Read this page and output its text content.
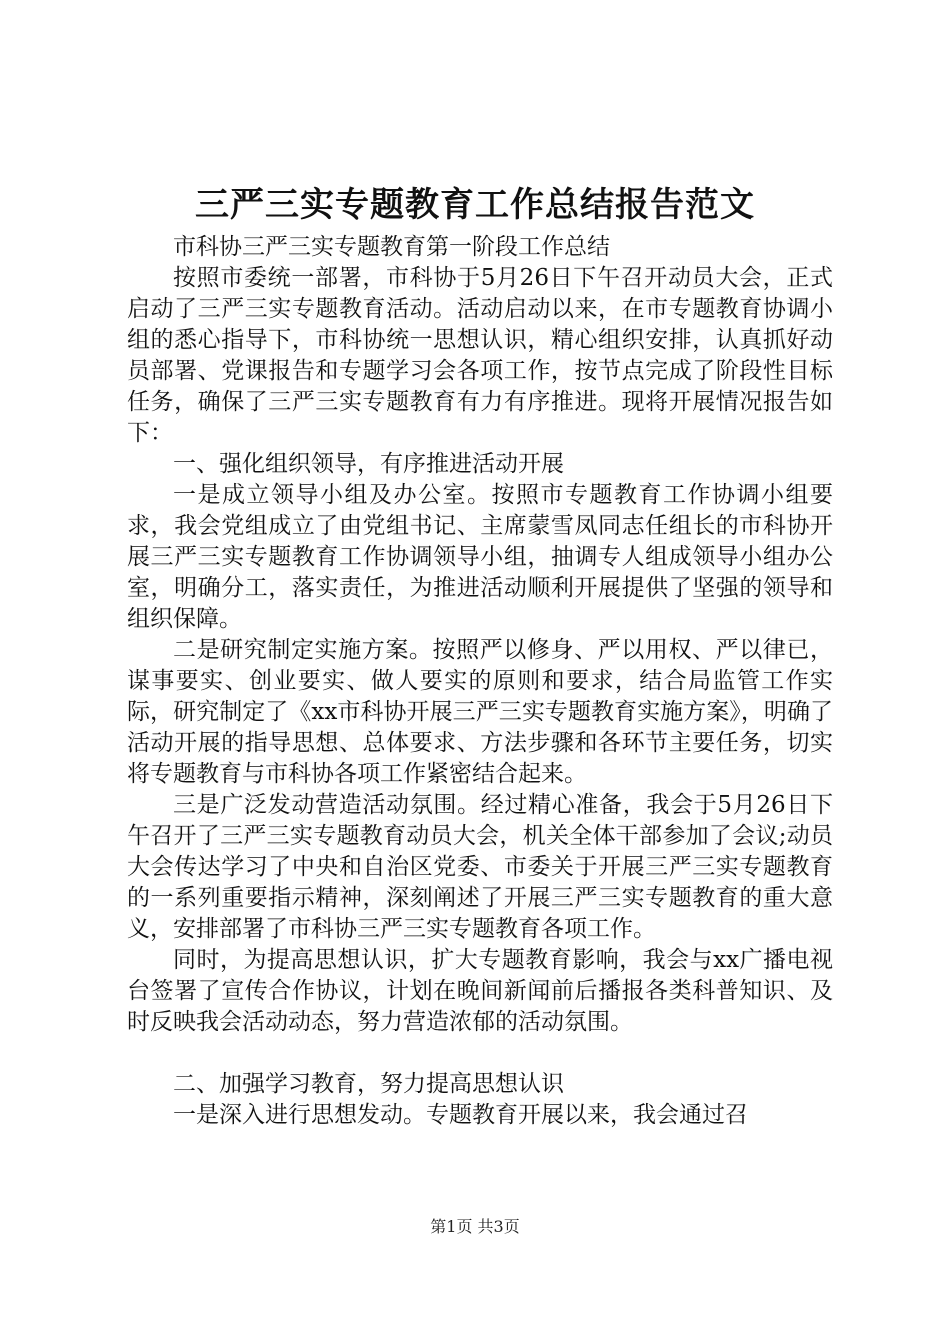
三严三实专题教育工作总结报告范文

市科协三严三实专题教育第一阶段工作总结

按照市委统一部署，市科协于5月26日下午召开动员大会，正式启动了三严三实专题教育活动。活动启动以来，在市专题教育协调小组的悉心指导下，市科协统一思想认识，精心组织安排，认真抓好动员部署、党课报告和专题学习会各项工作，按节点完成了阶段性目标任务，确保了三严三实专题教育有力有序推进。现将开展情况报告如下：

一、强化组织领导，有序推进活动开展

一是成立领导小组及办公室。按照市专题教育工作协调小组要求，我会党组成立了由党组书记、主席蒙雪凤同志任组长的市科协开展三严三实专题教育工作协调领导小组，抽调专人组成领导小组办公室，明确分工，落实责任，为推进活动顺利开展提供了坚强的领导和组织保障。

二是研究制定实施方案。按照严以修身、严以用权、严以律已，谋事要实、创业要实、做人要实的原则和要求，结合局监管工作实际，研究制定了《xx市科协开展三严三实专题教育实施方案》，明确了活动开展的指导思想、总体要求、方法步骤和各环节主要任务，切实将专题教育与市科协各项工作紧密结合起来。

三是广泛发动营造活动氛围。经过精心准备，我会于5月26日下午召开了三严三实专题教育动员大会，机关全体干部参加了会议;动员大会传达学习了中央和自治区党委、市委关于开展三严三实专题教育的一系列重要指示精神，深刻阐述了开展三严三实专题教育的重大意义，安排部署了市科协三严三实专题教育各项工作。

同时，为提高思想认识，扩大专题教育影响，我会与xx广播电视台签署了宣传合作协议，计划在晚间新闻前后播报各类科普知识、及时反映我会活动动态，努力营造浓郁的活动氛围。

二、加强学习教育，努力提高思想认识

一是深入进行思想发动。专题教育开展以来，我会通过召

第1页 共3页
